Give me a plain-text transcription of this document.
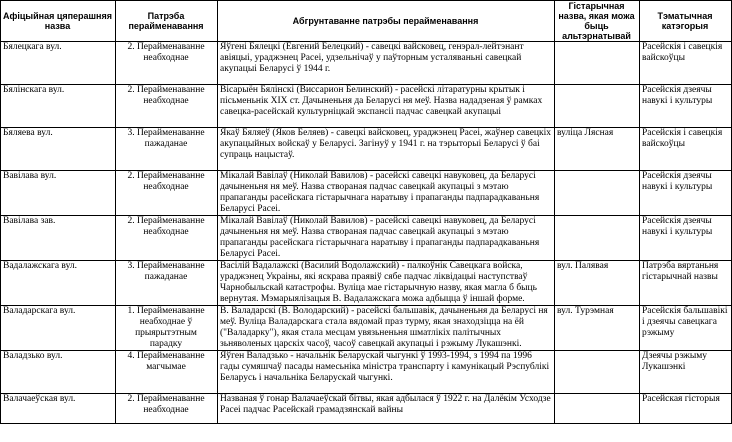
Афіцыйная цяперашняя назва	Патрэба перайменавання	Абгрунтаванне патрэбы перайменавання	Гістарычная назва, якая можа быць альтэрнатывай	Тэматычная катэгорыя
Бялецкага вул.	2. Перайменаванне неабходнае	Яўгені Бялецкі (Евгений Белецкий) - савецкі вайсковец, генэрал-лейтэнант авіяцыі, ураджэнец Расеі, удзельнічаў у паўторным усталяваньні савецкай акупацыі Беларусі ў 1944 г.		Расейскія і савецкія вайскоўцы
Бялінскага вул.	2. Перайменаванне неабходнае	Вісарыён Бялінскі (Виссарион Белинский) - расейскі літаратурны крытык і пісьменьнік XIX ст. Дачыненьня да Беларусі ня меў. Назва нададзеная ў рамках савецка-расейскай культурніцкай экспансіі падчас савецкай акупацыі		Расейскія дзеячы навукі і культуры
Бяляева вул.	3. Перайменаванне пажаданае	Якаў Бяляеў (Яков Беляев) - савецкі вайсковец, ураджэнец Расеі, жаўнер савецкіх акупацыйных войскаў у Беларусі. Загінуў у 1941 г. на тэрыторыі Беларусі ў баі супраць нацыстаў.	вуліца Лясная	Расейскія і савецкія вайскоўцы
Вавілава вул.	2. Перайменаванне неабходнае	Мікалай Вавілаў (Николай Вавилов) - расейскі савецкі навуковец, да Беларусі дачыненьня ня меў. Назва створаная падчас савецкай акупацыі з мэтаю прапаганды расейскага гістарычнага наратыву і прапаганды падпарадкаваньня Беларусі Расеі.		Расейскія дзеячы навукі і культуры
Вавілава зав.	2. Перайменаванне неабходнае	Мікалай Вавілаў (Николай Вавилов) - расейскі савецкі навуковец, да Беларусі дачыненьня ня меў. Назва створаная падчас савецкай акупацыі з мэтаю прапаганды расейскага гістарычнага наратыву і прапаганды падпарадкаваньня Беларусі Расеі.		Расейскія дзеячы навукі і культуры
Вадалажскага вул.	3. Перайменаванне пажаданае	Васілій Вадалажскі (Василий Водолажский) - палкоўнік Савецкага войска, ураджэнец Украіны, які яскрава праявіў сябе падчас ліквідацыі наступстваў Чарнобыльскай катастрофы. Вуліца мае гістарычную назву, якая магла б быць вернутая. Мэмарыялізацыя В. Вадалажскага можа адбыцца ў іншай форме.	вул. Палявая	Патрэба вяртаньня гістарычнай назвы
Валадарскага вул.	1. Перайменаванне неабходнае ў прыярытэтным парадку	В. Валадарскі (В. Володарский) - расейскі бальшавік, дачыненьня да Беларусі ня меў. Вуліца Валадарскага стала вядомай праз турму, якая знаходзіцца на ёй ("Валадарку"), якая стала месцам увязьненьня шматлікіх палітычных зьняволеных царскіх часоў, часоў савецкай акупацыі і рэжыму Лукашэнкі.	вул. Турэмная	Расейскія бальшавікі і дзеячы савецкага рэжыму
Валадзько вул.	4. Перайменаванне магчымае	Яўген Валадзько - начальнік Беларускай чыгункі ў 1993-1994, з 1994 па 1996 гады сумяшчаў пасады намесьніка міністра транспарту і камунікацый Рэспублікі Беларусь і начальніка Беларускай чыгункі.		Дзеячы рэжыму Лукашэнкі
Валачаеўская вул.	2. Перайменаванне неабходнае	Названая ў гонар Валачаеўскай бітвы, якая адбылася ў 1922 г. на Далёкім Усходзе Расеі падчас Расейскай грамадзянскай вайны		Расейская гісторыя
